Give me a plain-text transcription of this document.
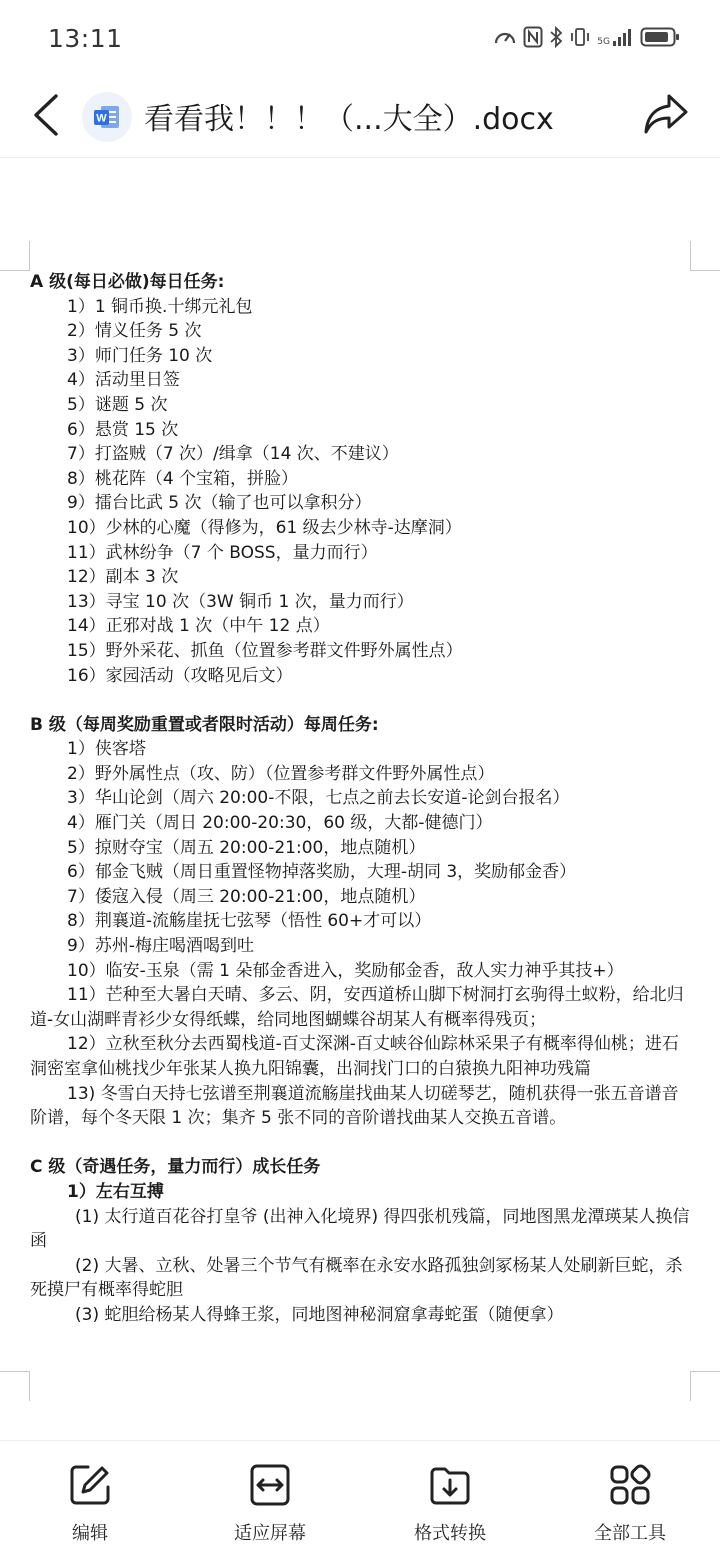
13:11	5G
W 看看我！！！（...大全）.docx
A 级(每日必做)每日任务:
1）1 铜币换.十绑元礼包
2）情义任务 5 次
3）师门任务 10 次
4）活动里日签
5）谜题 5 次
6）悬赏 15 次
7）打盗贼（7 次）/缉拿（14 次、不建议）
8）桃花阵（4 个宝箱，拼脸）
9）擂台比武 5 次（输了也可以拿积分）
10）少林的心魔（得修为，61 级去少林寺-达摩洞）
11）武林纷争（7 个 BOSS，量力而行）
12）副本 3 次
13）寻宝 10 次（3W 铜币 1 次，量力而行）
14）正邪对战 1 次（中午 12 点）
15）野外采花、抓鱼（位置参考群文件野外属性点）
16）家园活动（攻略见后文）
B 级（每周奖励重置或者限时活动）每周任务:
1）侠客塔
2）野外属性点（攻、防）（位置参考群文件野外属性点）
3）华山论剑（周六 20:00-不限，七点之前去长安道-论剑台报名）
4）雁门关（周日 20:00-20:30，60 级，大都-健德门）
5）掠财夺宝（周五 20:00-21:00，地点随机）
6）郁金飞贼（周日重置怪物掉落奖励，大理-胡同 3，奖励郁金香）
7）倭寇入侵（周三 20:00-21:00，地点随机）
8）荆襄道-流觞崖抚七弦琴（悟性 60+才可以）
9）苏州-梅庄喝酒喝到吐
10）临安-玉泉（需 1 朵郁金香进入，奖励郁金香，敌人实力神乎其技+）
11）芒种至大暑白天晴、多云、阴，安西道桥山脚下树洞打玄驹得土蚁粉，给北归道-女山湖畔青衫少女得纸蝶，给同地图蝴蝶谷胡某人有概率得残页；
12）立秋至秋分去西蜀栈道-百丈深渊-百丈峡谷仙踪林采果子有概率得仙桃；进石洞密室拿仙桃找少年张某人换九阳锦囊，出洞找门口的白猿换九阳神功残篇
13) 冬雪白天持七弦谱至荆襄道流觞崖找曲某人切磋琴艺，随机获得一张五音谱音阶谱，每个冬天限 1 次；集齐 5 张不同的音阶谱找曲某人交换五音谱。
C 级（奇遇任务，量力而行）成长任务
1）左右互搏
(1) 太行道百花谷打皇爷 (出神入化境界) 得四张机残篇，同地图黑龙潭瑛某人换信函
(2) 大暑、立秋、处暑三个节气有概率在永安水路孤独剑冢杨某人处刷新巨蛇，杀死摸尸有概率得蛇胆
(3) 蛇胆给杨某人得蜂王浆，同地图神秘洞窟拿毒蛇蛋（随便拿）
编辑	适应屏幕	格式转换	全部工具
